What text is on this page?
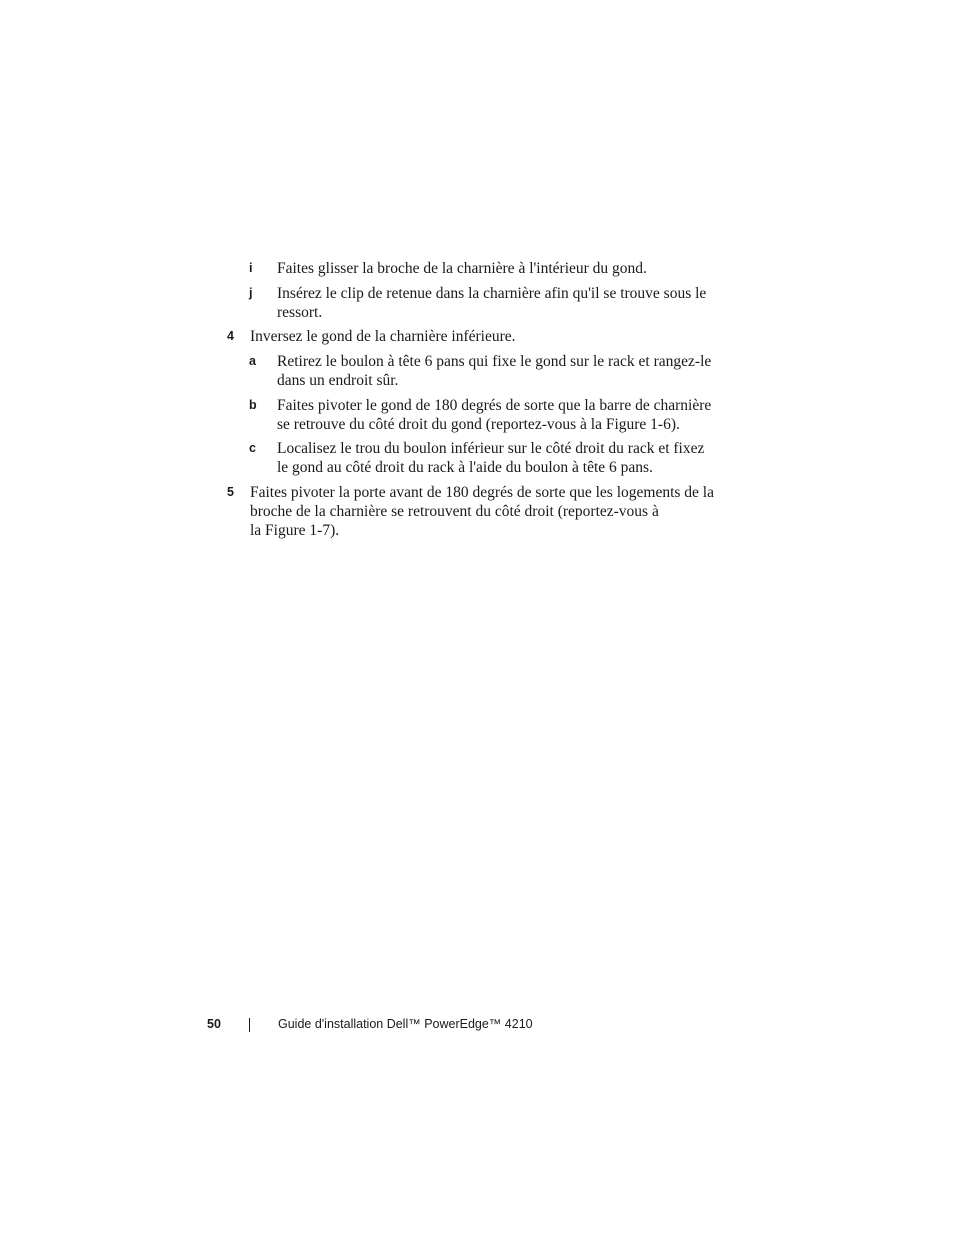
i Faites glisser la broche de la charnière à l'intérieur du gond.
j Insérez le clip de retenue dans la charnière afin qu'il se trouve sous le
ressort.
4 Inversez le gond de la charnière inférieure.
a Retirez le boulon à tête 6 pans qui fixe le gond sur le rack et rangez-le
dans un endroit sûr.
b Faites pivoter le gond de 180 degrés de sorte que la barre de charnière
se retrouve du côté droit du gond (reportez-vous à la Figure 1-6).
c Localisez le trou du boulon inférieur sur le côté droit du rack et fixez
le gond au côté droit du rack à l'aide du boulon à tête 6 pans.
5 Faites pivoter la porte avant de 180 degrés de sorte que les logements de la
broche de la charnière se retrouvent du côté droit (reportez-vous à
la Figure 1-7).
50	Guide d'installation Dell™ PowerEdge™ 4210
